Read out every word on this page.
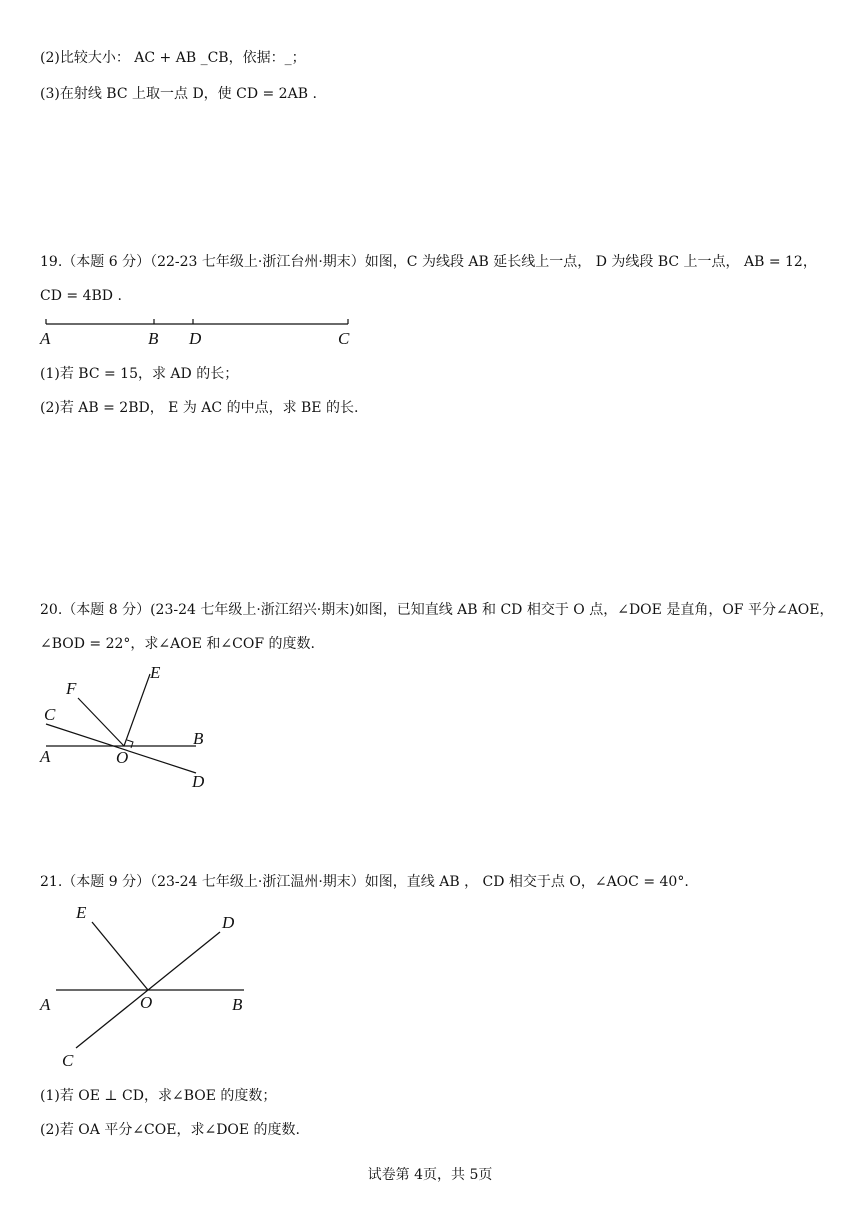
(2)比较大小： AC + AB _CB，依据：_；
(3)在射线 BC 上取一点 D，使 CD = 2AB .
19.（本题 6 分）（22-23 七年级上·浙江台州·期末）如图，C 为线段 AB 延长线上一点， D 为线段 BC 上一点， AB = 12，
CD = 4BD .
A	B D	C
(1)若 BC = 15，求 AD 的长；
(2)若 AB = 2BD， E 为 AC 的中点，求 BE 的长.
20.（本题 8 分）(23-24 七年级上·浙江绍兴·期末)如图，已知直线 AB 和 CD 相交于 O 点，∠DOE 是直角，OF 平分∠AOE，
∠BOD = 22°，求∠AOE 和∠COF 的度数.
E
F
C
A	O
B
D
21.（本题 9 分）（23-24 七年级上·浙江温州·期末）如图，直线 AB ， CD 相交于点 O，∠AOC = 40°.
E
D
A	O	B
C
(1)若 OE ⊥ CD，求∠BOE 的度数；
(2)若 OA 平分∠COE，求∠DOE 的度数.
试卷第 4页，共 5页
